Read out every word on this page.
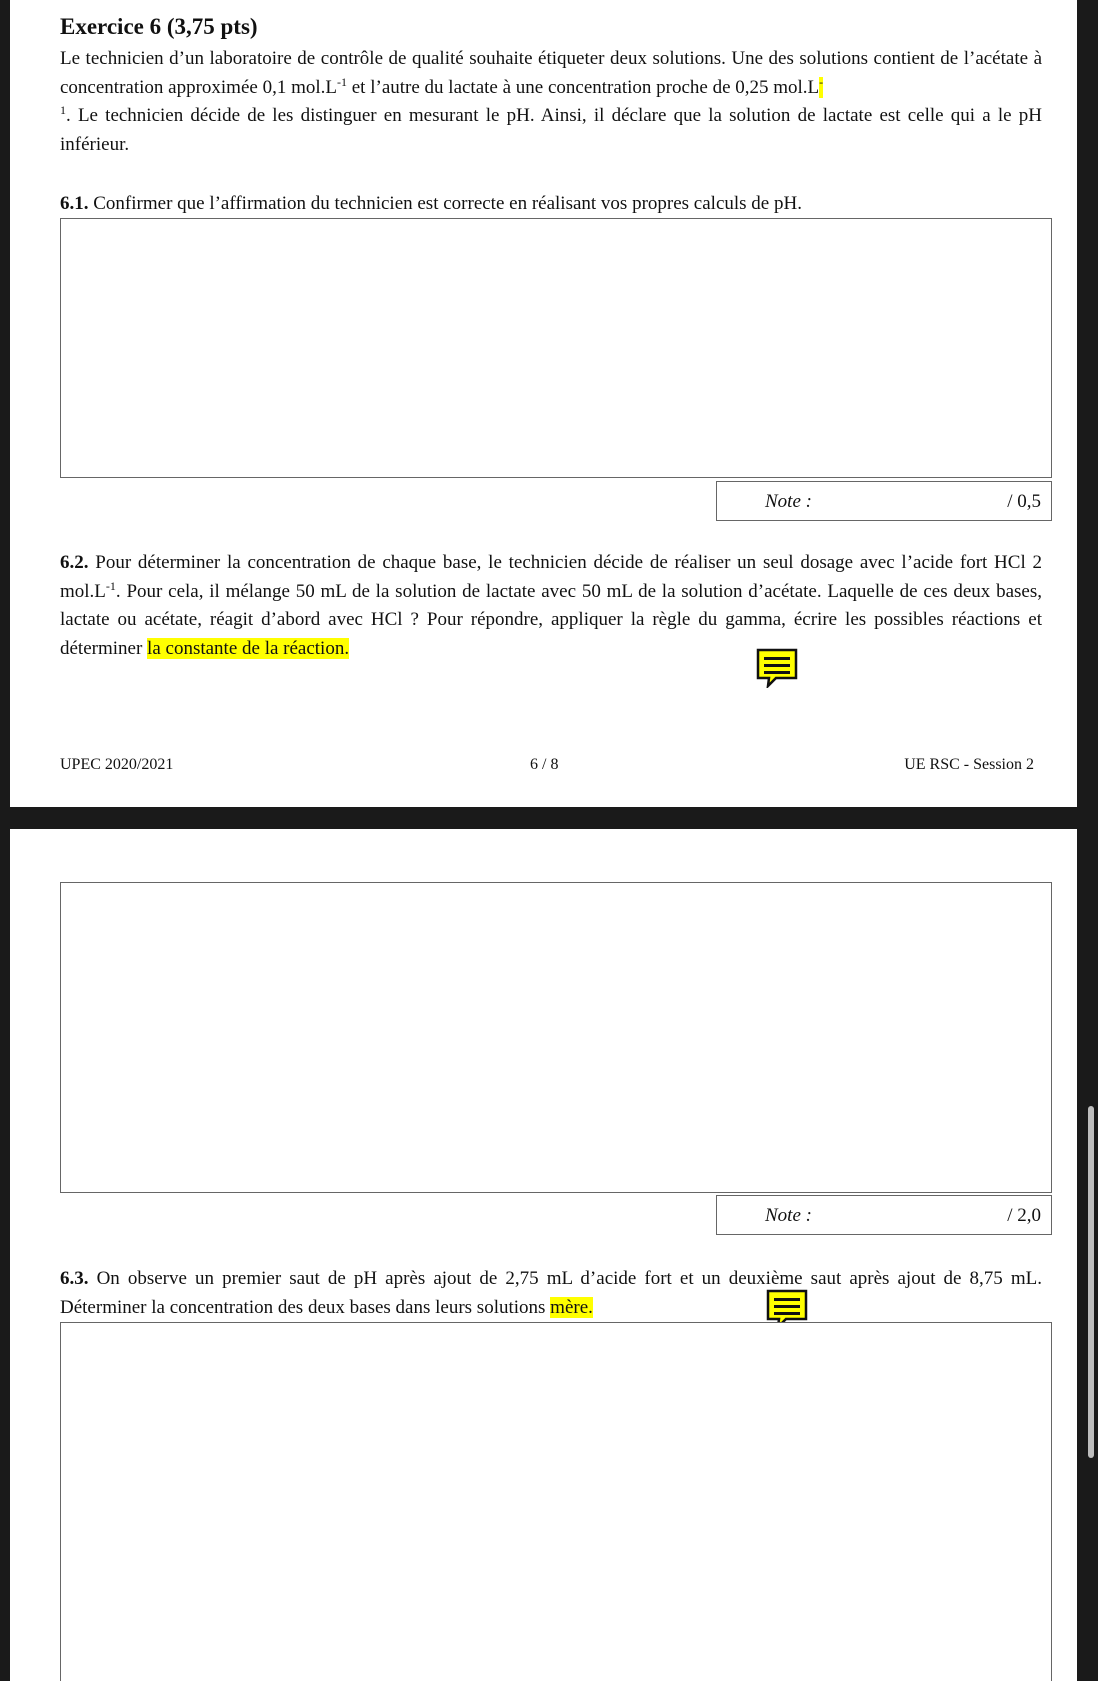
Exercice 6 (3,75 pts)
Le technicien d’un laboratoire de contrôle de qualité souhaite étiqueter deux solutions. Une des solutions contient de l’acétate à concentration approximée 0,1 $mol.L^{-1}$ et l’autre du lactate à une concentration proche de 0,25 mol.L-
$^1$. Le technicien décide de les distinguer en mesurant le pH. Ainsi, il déclare que la solution de lactate est celle qui a le pH inférieur.
6.1. Confirmer que l’affirmation du technicien est correcte en réalisant vos propres calculs de pH.
Note :	/ 0,5
6.2. Pour déterminer la concentration de chaque base, le technicien décide de réaliser un seul dosage avec l’acide fort HCl 2 $mol.L^{-1}$. Pour cela, il mélange 50 mL de la solution de lactate avec 50 mL de la solution d’acétate. Laquelle de ces deux bases, lactate ou acétate, réagit d’abord avec HCl ? Pour répondre, appliquer la règle du gamma, écrire les possibles réactions et déterminer la constante de la réaction.
UPEC 2020/2021	6 / 8	UE RSC - Session 2
Note :	/ 2,0
6.3. On observe un premier saut de pH après ajout de 2,75 mL d’acide fort et un deuxième saut après ajout de 8,75 mL. Déterminer la concentration des deux bases dans leurs solutions mère.
